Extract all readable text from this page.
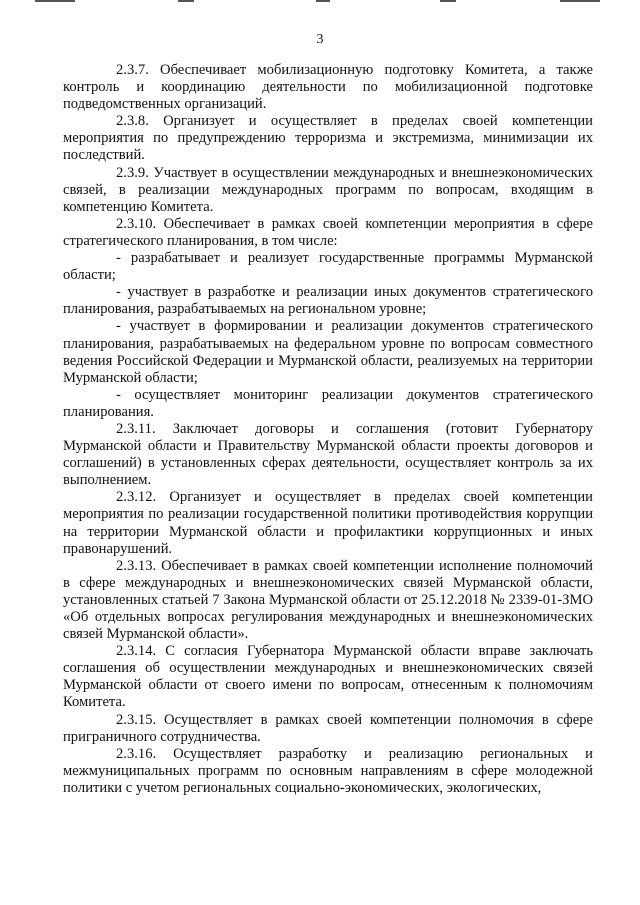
3

2.3.7. Обеспечивает мобилизационную подготовку Комитета, а также контроль и координацию деятельности по мобилизационной подготовке подведомственных организаций.

2.3.8. Организует и осуществляет в пределах своей компетенции мероприятия по предупреждению терроризма и экстремизма, минимизации их последствий.

2.3.9. Участвует в осуществлении международных и внешнеэкономических связей, в реализации международных программ по вопросам, входящим в компетенцию Комитета.

2.3.10. Обеспечивает в рамках своей компетенции мероприятия в сфере стратегического планирования, в том числе:

- разрабатывает и реализует государственные программы Мурманской области;

- участвует в разработке и реализации иных документов стратегического планирования, разрабатываемых на региональном уровне;

- участвует в формировании и реализации документов стратегического планирования, разрабатываемых на федеральном уровне по вопросам совместного ведения Российской Федерации и Мурманской области, реализуемых на территории Мурманской области;

- осуществляет мониторинг реализации документов стратегического планирования.

2.3.11. Заключает договоры и соглашения (готовит Губернатору Мурманской области и Правительству Мурманской области проекты договоров и соглашений) в установленных сферах деятельности, осуществляет контроль за их выполнением.

2.3.12. Организует и осуществляет в пределах своей компетенции мероприятия по реализации государственной политики противодействия коррупции на территории Мурманской области и профилактики коррупционных и иных правонарушений.

2.3.13. Обеспечивает в рамках своей компетенции исполнение полномочий в сфере международных и внешнеэкономических связей Мурманской области, установленных статьей 7 Закона Мурманской области от 25.12.2018 № 2339-01-ЗМО «Об отдельных вопросах регулирования международных и внешнеэкономических связей Мурманской области».

2.3.14. С согласия Губернатора Мурманской области вправе заключать соглашения об осуществлении международных и внешнеэкономических связей Мурманской области от своего имени по вопросам, отнесенным к полномочиям Комитета.

2.3.15. Осуществляет в рамках своей компетенции полномочия в сфере приграничного сотрудничества.

2.3.16. Осуществляет разработку и реализацию региональных и межмуниципальных программ по основным направлениям в сфере молодежной политики с учетом региональных социально-экономических, экологических,
